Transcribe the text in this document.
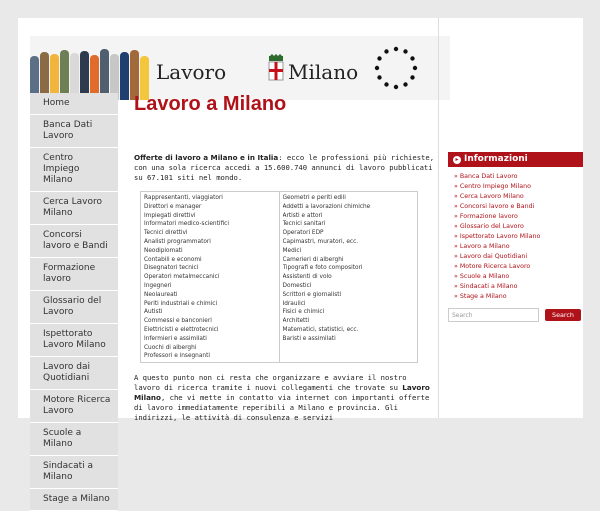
Lavoro	Milano
Home
Banca Dati Lavoro
Centro Impiego Milano
Cerca Lavoro Milano
Concorsi lavoro e Bandi
Formazione lavoro
Glossario del Lavoro
Ispettorato Lavoro Milano
Lavoro dai Quotidiani
Motore Ricerca Lavoro
Scuole a Milano
Sindacati a Milano
Stage a Milano
Lavoro a Milano
Offerte di lavoro a Milano e in Italia: ecco le professioni più richieste, con una sola ricerca accedi a 15.600.740 annunci di lavoro pubblicati su 67.101 siti nel mondo.
Rappresentanti, viaggiatori
Direttori e manager
Impiegati direttivi
Informatori medico-scientifici
Tecnici direttivi
Analisti programmatori
Neodiplomati
Contabili e economi
Disegnatori tecnici
Operatori metalmeccanici
Ingegneri
Neolaureati
Periti industriali e chimici
Autisti
Commessi e banconieri
Elettricisti e elettrotecnici
Infermieri e assimilati
Cuochi di alberghi
Professori e insegnanti
Geometri e periti edili
Addetti a lavorazioni chimiche
Artisti e attori
Tecnici sanitari
Operatori EDP
Capimastri, muratori, ecc.
Medici
Camerieri di alberghi
Tipografi e foto compositori
Assistenti di volo
Domestici
Scrittori e giornalisti
Idraulici
Fisici e chimici
Architetti
Matematici, statistici, ecc.
Baristi e assimilati
A questo punto non ci resta che organizzare e avviare il nostro lavoro di ricerca tramite i nuovi collegamenti che trovate su Lavoro Milano, che vi mette in contatto via internet con importanti offerte di lavoro immediatamente reperibili a Milano e provincia. Gli indirizzi, le attività di consulenza e servizi
▸ Informazioni
» Banca Dati Lavoro
» Centro Impiego Milano
» Cerca Lavoro Milano
» Concorsi lavoro e Bandi
» Formazione lavoro
» Glossario del Lavoro
» Ispettorato Lavoro Milano
» Lavoro a Milano
» Lavoro dai Quotidiani
» Motore Ricerca Lavoro
» Scuole a Milano
» Sindacati a Milano
» Stage a Milano
Search	Search
